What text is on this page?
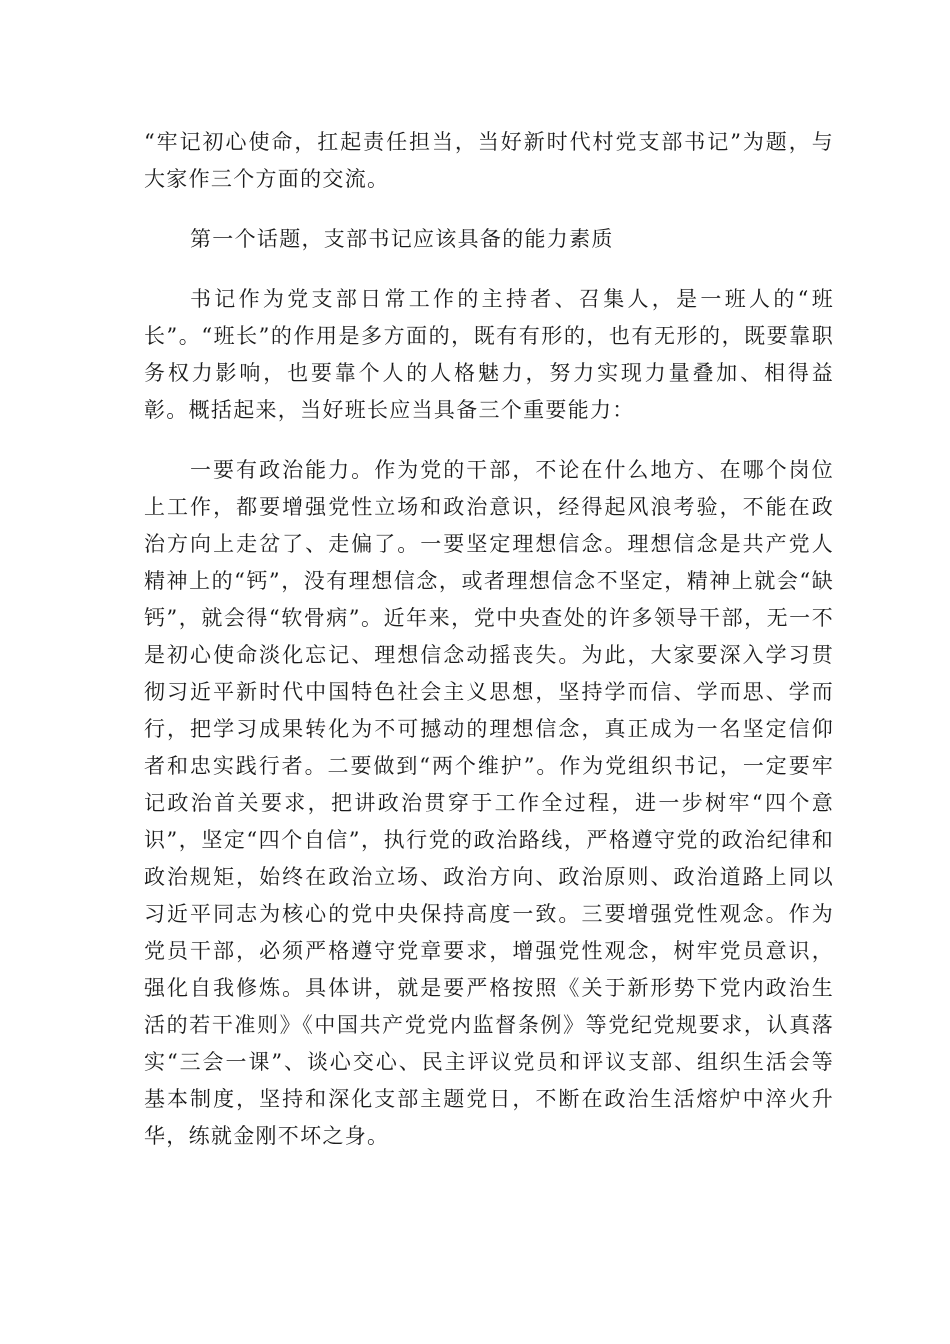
“牢记初心使命，扛起责任担当，当好新时代村党支部书记”为题，与大家作三个方面的交流。

第一个话题，支部书记应该具备的能力素质

书记作为党支部日常工作的主持者、召集人，是一班人的“班长”。“班长”的作用是多方面的，既有有形的，也有无形的，既要靠职务权力影响，也要靠个人的人格魅力，努力实现力量叠加、相得益彰。概括起来，当好班长应当具备三个重要能力：

一要有政治能力。作为党的干部，不论在什么地方、在哪个岗位上工作，都要增强党性立场和政治意识，经得起风浪考验，不能在政治方向上走岔了、走偏了。一要坚定理想信念。理想信念是共产党人精神上的“钙”，没有理想信念，或者理想信念不坚定，精神上就会“缺钙”，就会得“软骨病”。近年来，党中央查处的许多领导干部，无一不是初心使命淡化忘记、理想信念动摇丧失。为此，大家要深入学习贯彻习近平新时代中国特色社会主义思想，坚持学而信、学而思、学而行，把学习成果转化为不可撼动的理想信念，真正成为一名坚定信仰者和忠实践行者。二要做到“两个维护”。作为党组织书记，一定要牢记政治首关要求，把讲政治贯穿于工作全过程，进一步树牢“四个意识”，坚定“四个自信”，执行党的政治路线，严格遵守党的政治纪律和政治规矩，始终在政治立场、政治方向、政治原则、政治道路上同以习近平同志为核心的党中央保持高度一致。三要增强党性观念。作为党员干部，必须严格遵守党章要求，增强党性观念，树牢党员意识，强化自我修炼。具体讲，就是要严格按照《关于新形势下党内政治生活的若干准则》《中国共产党党内监督条例》等党纪党规要求，认真落实“三会一课”、谈心交心、民主评议党员和评议支部、组织生活会等基本制度，坚持和深化支部主题党日，不断在政治生活熔炉中淬火升华，练就金刚不坏之身。
